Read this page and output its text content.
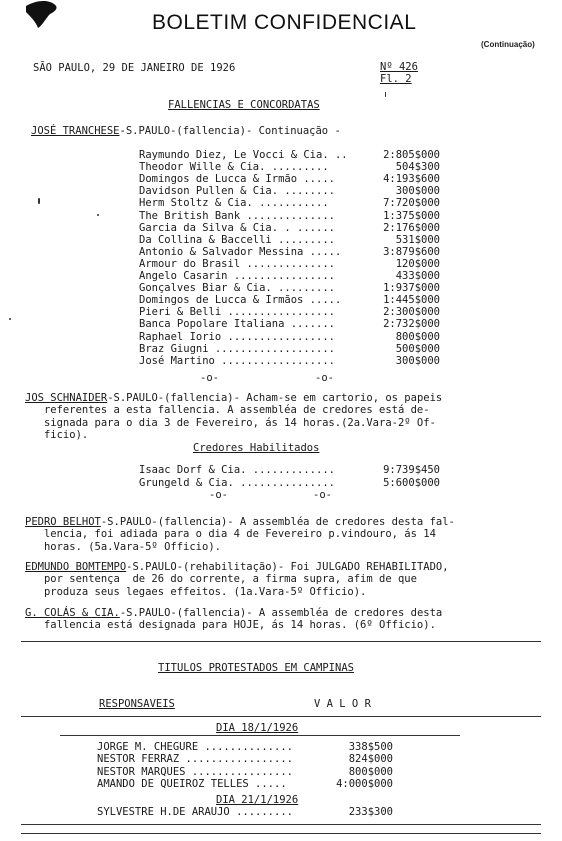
BOLETIM CONFIDENCIAL
(Continuação)
SÃO PAULO, 29 DE JANEIRO DE 1926	Nº 426
Fl. 2
FALLENCIAS E CONCORDATAS
JOSÉ TRANCHESE-S.PAULO-(fallencia)- Continuação -
Raymundo Diez, Le Vocci & Cia. ..	2:805$000
Theodor Wille & Cia. .........	504$300
Domingos de Lucca & Irmão .....	4:193$600
Davidson Pullen & Cia. ........	300$000
Herm Stoltz & Cia. ...........	7:720$000
The British Bank ..............	1:375$000
Garcia da Silva & Cia. . ......	2:176$000
Da Collina & Baccelli .........	531$000
Antonio & Salvador Messina .....	3:879$600
Armour do Brasil ..............	120$000
Angelo Casarin ................	433$000
Gonçalves Biar & Cia. .........	1:937$000
Domingos de Lucca & Irmãos .....	1:445$000
Pieri & Belli .................	2:300$000
Banca Popolare Italiana .......	2:732$000
Raphael Iorio .................	800$000
Braz Giugni ...................	500$000
José Martino ..................	300$000
-o-	-o-
JOS SCHNAIDER-S.PAULO-(fallencia)- Acham-se em cartorio, os papeis
referentes a esta fallencia. A assembléa de credores está de-
signada para o dia 3 de Fevereiro, ás 14 horas.(2a.Vara-2º Of-
ficio).
Credores Habilitados
Isaac Dorf & Cia. .............	9:739$450
Grungeld & Cia. ...............	5:600$000
-o-	-o-
PEDRO BELHOT-S.PAULO-(fallencia)- A assembléa de credores desta fal-
lencia, foi adiada para o dia 4 de Fevereiro p.vindouro, ás 14
horas. (5a.Vara-5º Officio).
EDMUNDO BOMTEMPO-S.PAULO-(rehabilitação)- Foi JULGADO REHABILITADO,
por sentença  de 26 do corrente, a firma supra, afim de que
produza seus legaes effeitos. (1a.Vara-5º Officio).
G. COLÁS & CIA.-S.PAULO-(fallencia)- A assembléa de credores desta
fallencia está designada para HOJE, ás 14 horas. (6º Officio).
TITULOS PROTESTADOS EM CAMPINAS
RESPONSAVEIS	V A L O R
DIA 18/1/1926
JORGE M. CHEGURE ..............	338$500
NESTOR FERRAZ .................	824$000
NESTOR MARQUES ................	800$000
AMANDO DE QUEIROZ TELLES .....	4:000$000
DIA 21/1/1926
SYLVESTRE H.DE ARAUJO .........	233$300
